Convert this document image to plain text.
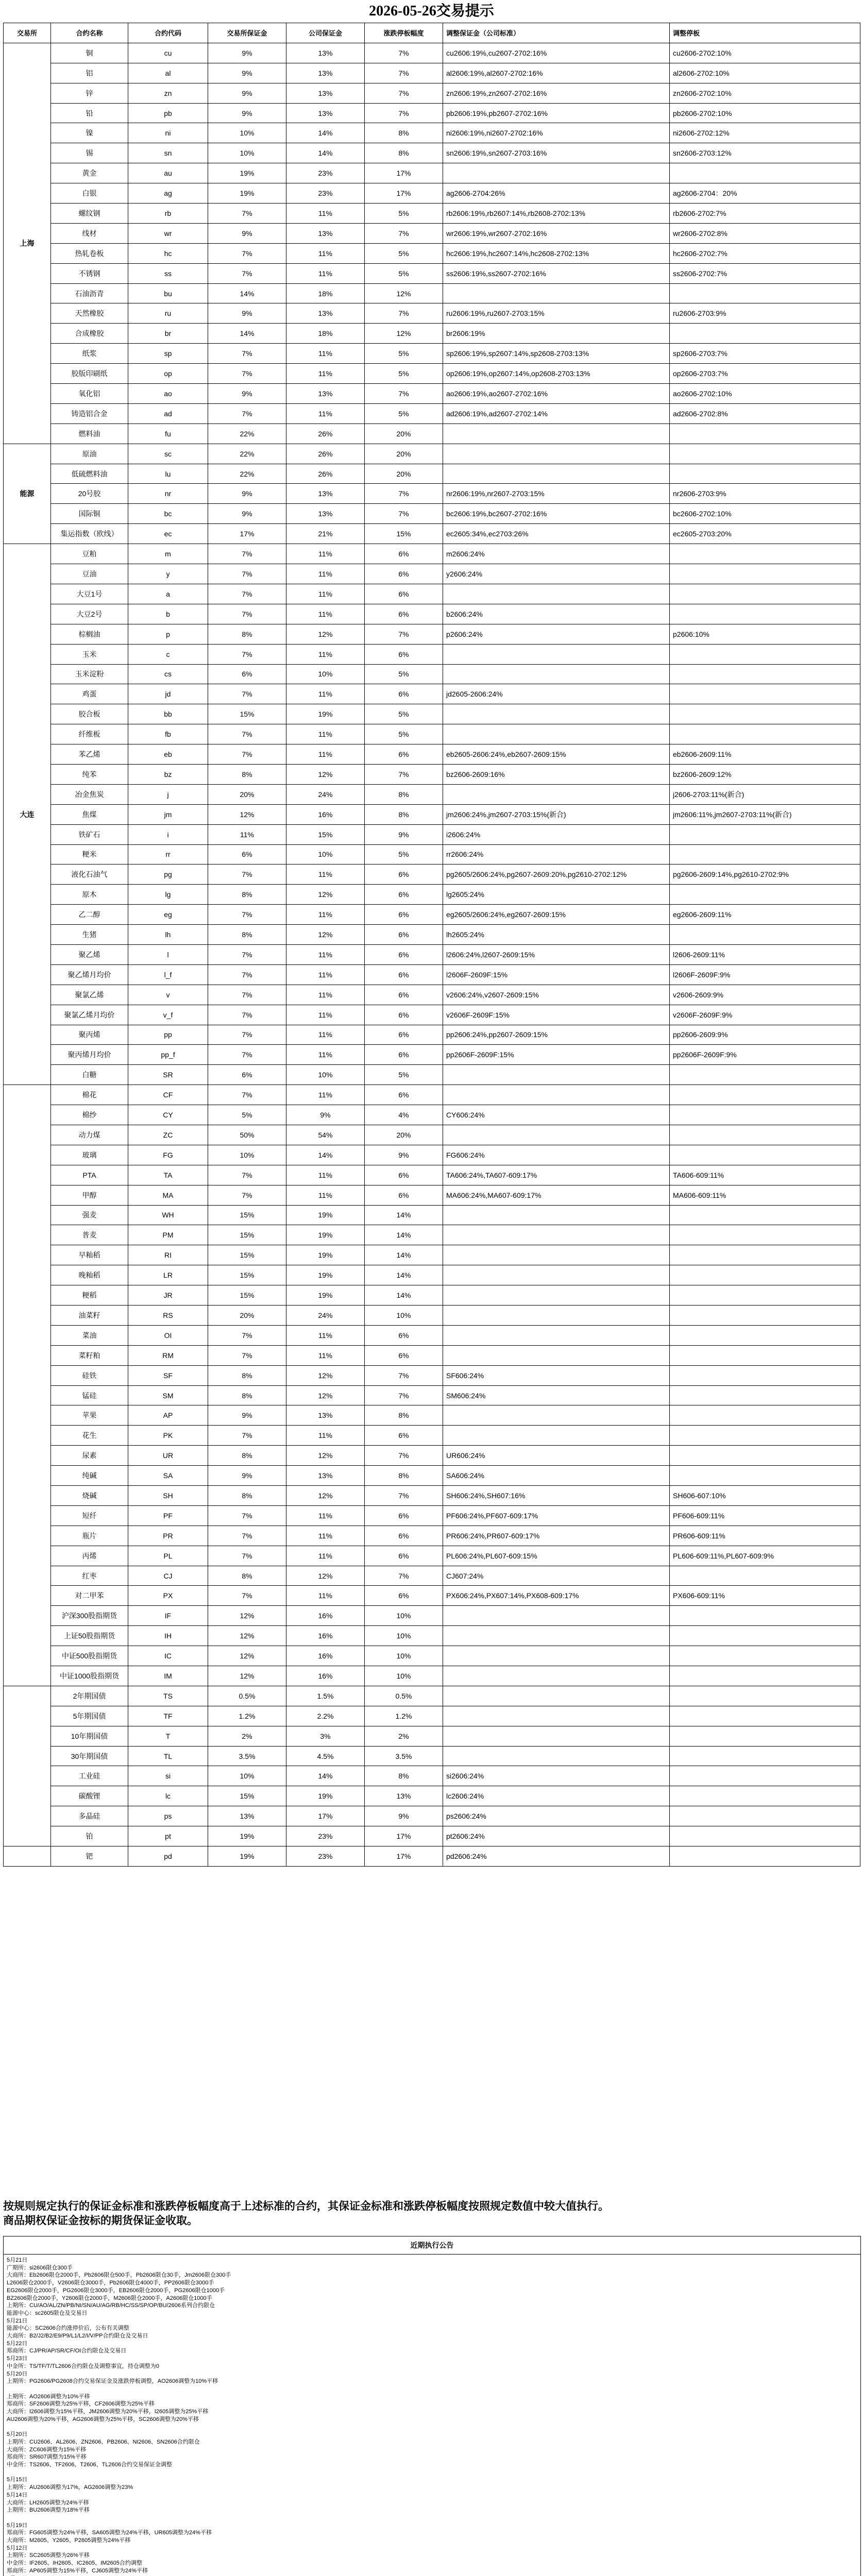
2026-05-26交易提示
交易所	合约名称	合约代码	交易所保证金	公司保证金	涨跌停板幅度	调整保证金（公司标准）	调整停板
上海	铜	cu	9%	13%	7%	cu2606:19%,cu2607-2702:16%	cu2606-2702:10%
	铝	al	9%	13%	7%	al2606:19%,al2607-2702:16%	al2606-2702:10%
	锌	zn	9%	13%	7%	zn2606:19%,zn2607-2702:16%	zn2606-2702:10%
	铅	pb	9%	13%	7%	pb2606:19%,pb2607-2702:16%	pb2606-2702:10%
	镍	ni	10%	14%	8%	ni2606:19%,ni2607-2702:16%	ni2606-2702:12%
	锡	sn	10%	14%	8%	sn2606:19%,sn2607-2703:16%	sn2606-2703:12%
	黄金	au	19%	23%	17%		
	白银	ag	19%	23%	17%	ag2606-2704:26%	ag2606-2704：20%
	螺纹钢	rb	7%	11%	5%	rb2606:19%,rb2607:14%,rb2608-2702:13%	rb2606-2702:7%
	线材	wr	9%	13%	7%	wr2606:19%,wr2607-2702:16%	wr2606-2702:8%
	热轧卷板	hc	7%	11%	5%	hc2606:19%,hc2607:14%,hc2608-2702:13%	hc2606-2702:7%
	不锈钢	ss	7%	11%	5%	ss2606:19%,ss2607-2702:16%	ss2606-2702:7%
	石油沥青	bu	14%	18%	12%		
	天然橡胶	ru	9%	13%	7%	ru2606:19%,ru2607-2703:15%	ru2606-2703:9%
	合成橡胶	br	14%	18%	12%	br2606:19%	
	纸浆	sp	7%	11%	5%	sp2606:19%,sp2607:14%,sp2608-2703:13%	sp2606-2703:7%
	胶版印刷纸	op	7%	11%	5%	op2606:19%,op2607:14%,op2608-2703:13%	op2606-2703:7%
	氧化铝	ao	9%	13%	7%	ao2606:19%,ao2607-2702:16%	ao2606-2702:10%
	铸造铝合金	ad	7%	11%	5%	ad2606:19%,ad2607-2702:14%	ad2606-2702:8%
	燃料油	fu	22%	26%	20%		
能源	原油	sc	22%	26%	20%		
	低硫燃料油	lu	22%	26%	20%		
	20号胶	nr	9%	13%	7%	nr2606:19%,nr2607-2703:15%	nr2606-2703:9%
	国际铜	bc	9%	13%	7%	bc2606:19%,bc2607-2702:16%	bc2606-2702:10%
	集运指数（欧线）	ec	17%	21%	15%	ec2605:34%,ec2703:26%	ec2605-2703:20%
大连	豆粕	m	7%	11%	6%	m2606:24%	
	豆油	y	7%	11%	6%	y2606:24%	
	大豆1号	a	7%	11%	6%		
	大豆2号	b	7%	11%	6%	b2606:24%	
	棕榈油	p	8%	12%	7%	p2606:24%	p2606:10%
	玉米	c	7%	11%	6%		
	玉米淀粉	cs	6%	10%	5%		
	鸡蛋	jd	7%	11%	6%	jd2605-2606:24%	
	胶合板	bb	15%	19%	5%		
	纤维板	fb	7%	11%	5%		
	苯乙烯	eb	7%	11%	6%	eb2605-2606:24%,eb2607-2609:15%	eb2606-2609:11%
	纯苯	bz	8%	12%	7%	bz2606-2609:16%	bz2606-2609:12%
	冶金焦炭	j	20%	24%	8%		j2606-2703:11%(新合)
	焦煤	jm	12%	16%	8%	jm2606:24%,jm2607-2703:15%(新合)	jm2606:11%,jm2607-2703:11%(新合)
	铁矿石	i	11%	15%	9%	i2606:24%	
	粳米	rr	6%	10%	5%	rr2606:24%	
	液化石油气	pg	7%	11%	6%	pg2605/2606:24%,pg2607-2609:20%,pg2610-2702:12%	pg2606-2609:14%,pg2610-2702:9%
	原木	lg	8%	12%	6%	lg2605:24%	
	乙二醇	eg	7%	11%	6%	eg2605/2606:24%,eg2607-2609:15%	eg2606-2609:11%
	生猪	lh	8%	12%	6%	lh2605:24%	
	聚乙烯	l	7%	11%	6%	l2606:24%,l2607-2609:15%	l2606-2609:11%
	聚乙烯月均价	l_f	7%	11%	6%	l2606F-2609F:15%	l2606F-2609F:9%
	聚氯乙烯	v	7%	11%	6%	v2606:24%,v2607-2609:15%	v2606-2609:9%
	聚氯乙烯月均价	v_f	7%	11%	6%	v2606F-2609F:15%	v2606F-2609F:9%
	聚丙烯	pp	7%	11%	6%	pp2606:24%,pp2607-2609:15%	pp2606-2609:9%
	聚丙烯月均价	pp_f	7%	11%	6%	pp2606F-2609F:15%	pp2606F-2609F:9%
	白糖	SR	6%	10%	5%		
	棉花	CF	7%	11%	6%		
	棉纱	CY	5%	9%	4%	CY606:24%	
	动力煤	ZC	50%	54%	20%		
	玻璃	FG	10%	14%	9%	FG606:24%	
	PTA	TA	7%	11%	6%	TA606:24%,TA607-609:17%	TA606-609:11%
	甲醇	MA	7%	11%	6%	MA606:24%,MA607-609:17%	MA606-609:11%
	强麦	WH	15%	19%	14%		
	普麦	PM	15%	19%	14%		
	早籼稻	RI	15%	19%	14%		
	晚籼稻	LR	15%	19%	14%		
	粳稻	JR	15%	19%	14%		
	油菜籽	RS	20%	24%	10%		
	菜油	OI	7%	11%	6%		
	菜籽粕	RM	7%	11%	6%		
	硅铁	SF	8%	12%	7%	SF606:24%	
	锰硅	SM	8%	12%	7%	SM606:24%	
	苹果	AP	9%	13%	8%		
	花生	PK	7%	11%	6%		
	尿素	UR	8%	12%	7%	UR606:24%	
	纯碱	SA	9%	13%	8%	SA606:24%	
	烧碱	SH	8%	12%	7%	SH606:24%,SH607:16%	SH606-607:10%
	短纤	PF	7%	11%	6%	PF606:24%,PF607-609:17%	PF606-609:11%
	瓶片	PR	7%	11%	6%	PR606:24%,PR607-609:17%	PR606-609:11%
	丙烯	PL	7%	11%	6%	PL606:24%,PL607-609:15%	PL606-609:11%,PL607-609:9%
	红枣	CJ	8%	12%	7%	CJ607:24%	
	对二甲苯	PX	7%	11%	6%	PX606:24%,PX607:14%,PX608-609:17%	PX606-609:11%
	沪深300股指期货	IF	12%	16%	10%		
	上证50股指期货	IH	12%	16%	10%		
	中证500股指期货	IC	12%	16%	10%		
	中证1000股指期货	IM	12%	16%	10%		
	2年期国债	TS	0.5%	1.5%	0.5%		
	5年期国债	TF	1.2%	2.2%	1.2%		
	10年期国债	T	2%	3%	2%		
	30年期国债	TL	3.5%	4.5%	3.5%		
	工业硅	si	10%	14%	8%	si2606:24%	
	碳酸锂	lc	15%	19%	13%	lc2606:24%	
	多晶硅	ps	13%	17%	9%	ps2606:24%	
	铂	pt	19%	23%	17%	pt2606:24%	
	钯	pd	19%	23%	17%	pd2606:24%	
按规则规定执行的保证金标准和涨跌停板幅度高于上述标准的合约，其保证金标准和涨跌停板幅度按照规定数值中较大值执行。
商品期权保证金按标的期货保证金收取。
近期执行公告
5月21日
广期所：si2606限仓300手
大商所：Eb2606限仓2000手，Pb2606限仓500手，Pb2606限仓30手，Jm2606限仓300手
L2606限仓2000手，V2606限仓3000手，Pb2606限仓4000手，PP2606限仓3000手
EG2606限仓2000手，PG2606限仓3000手，EB2606限仓2000手，PG2606限仓1000手
BZ2606限仓2000手，Y2606限仓2000手，M2606限仓2000手，A2606限仓1000手
上期所：CU/AO/AL/ZN/PB/NI/SN/AU/AG/RB/HC/SS/SP/OP/BU/2606系列合约限仓
能源中心：sc2605限仓及交易日
5月21日
能源中心：SC2606合约涨停价后，公布有关调整
大商所：B2/J2/B2/E9/P9/L1/L2/I/V/PP合约限仓及交易日
5月22日
郑商所：CJ/PR/AP/SR/CF/OI合约限仓及交易日
5月23日
中金所：TS/TF/T/TL2606合约限仓及调整事宜，持仓调整为0
5月20日
上期所：PG2606/PG2608合约交易保证金及涨跌停板调整，AO2606调整为10%平移

上期所：AO2606调整为10%平移
郑商所：SF2606调整为25%平移，CF2606调整为25%平移
大商所：I2606调整为15%平移，JM2606调整为20%平移，I2605调整为25%平移
AU2606调整为20%平移，AG2606调整为25%平移，SC2606调整为20%平移

5月20日
上期所：CU2606、AL2606、ZN2606、PB2606、NI2606、SN2606合约限仓
大商所：ZC606调整为15%平移
郑商所：SR607调整为15%平移
中金所：TS2606、TF2606、T2606、TL2606合约交易保证金调整

5月15日
上期所：AU2606调整为17%，AG2606调整为23%
5月14日
大商所：LH2605调整为24%平移
上期所：BU2606调整为18%平移

5月19日
郑商所：FG605调整为24%平移，SA605调整为24%平移，UR605调整为24%平移
大商所：M2605、Y2605、P2605调整为24%平移
5月12日
上期所：SC2605调整为26%平移
中金所：IF2605、IH2605、IC2605、IM2605合约调整
郑商所：AP605调整为15%平移，CJ605调整为24%平移
